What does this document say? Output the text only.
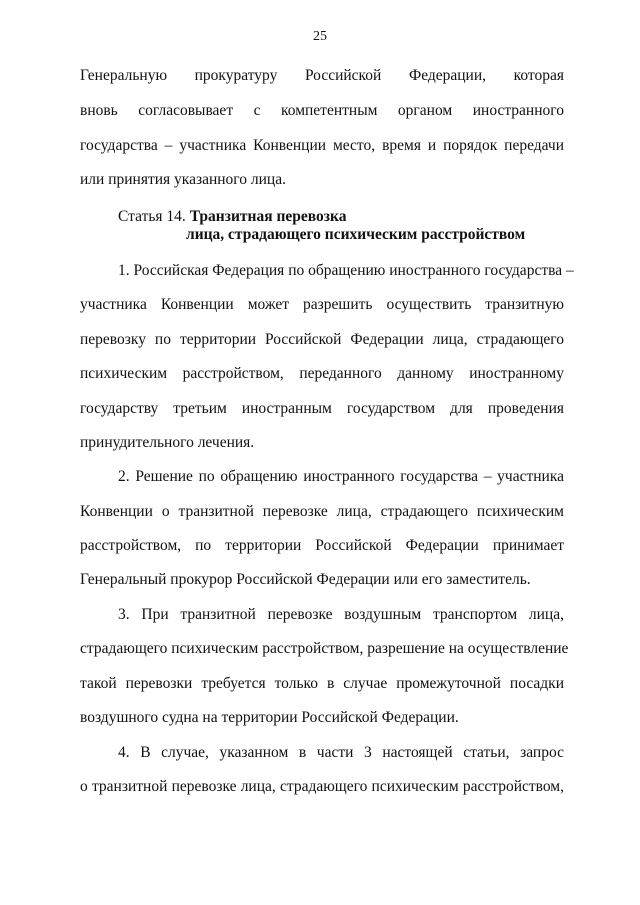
25
Генеральную прокуратуру Российской Федерации, которая
вновь согласовывает с компетентным органом иностранного
государства – участника Конвенции место, время и порядок передачи
или принятия указанного лица.
Статья 14. Транзитная перевозка
лица, страдающего психическим расстройством
1. Российская Федерация по обращению иностранного государства –
участника Конвенции может разрешить осуществить транзитную
перевозку по территории Российской Федерации лица, страдающего
психическим расстройством, переданного данному иностранному
государству третьим иностранным государством для проведения
принудительного лечения.
2. Решение по обращению иностранного государства – участника
Конвенции о транзитной перевозке лица, страдающего психическим
расстройством, по территории Российской Федерации принимает
Генеральный прокурор Российской Федерации или его заместитель.
3. При транзитной перевозке воздушным транспортом лица,
страдающего психическим расстройством, разрешение на осуществление
такой перевозки требуется только в случае промежуточной посадки
воздушного судна на территории Российской Федерации.
4. В случае, указанном в части 3 настоящей статьи, запрос
о транзитной перевозке лица, страдающего психическим расстройством,
